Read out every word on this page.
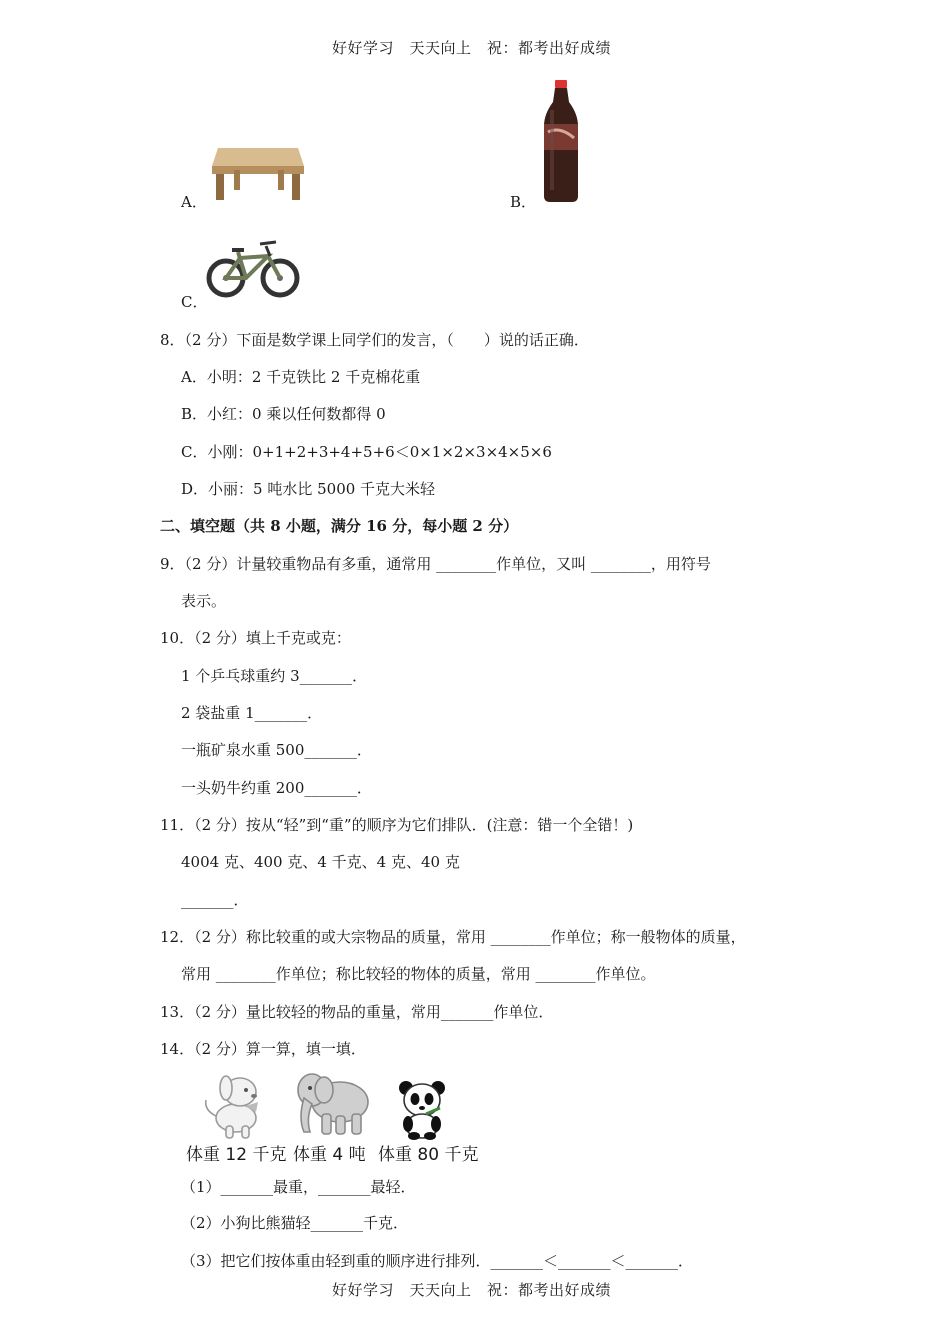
好好学习　天天向上　祝：都考出好成绩
A．	B．
C．
8．（2 分）下面是数学课上同学们的发言，（　　）说的话正确．
A．小明：2 千克铁比 2 千克棉花重
B．小红：0 乘以任何数都得 0
C．小刚：0+1+2+3+4+5+6＜0×1×2×3×4×5×6
D．小丽：5 吨水比 5000 千克大米轻
二、填空题（共 8 小题，满分 16 分，每小题 2 分）
9．（2 分）计量较重物品有多重，通常用 ________作单位，又叫 ________，用符号
表示。
10．（2 分）填上千克或克：
1 个乒乓球重约 3_______．
2 袋盐重 1_______．
一瓶矿泉水重 500_______．
一头奶牛约重 200_______．
11．（2 分）按从“轻”到“重”的顺序为它们排队．(注意：错一个全错！)
4004 克、400 克、4 千克、4 克、40 克
_______．
12．（2 分）称比较重的或大宗物品的质量，常用 ________作单位；称一般物体的质量，
常用 ________作单位；称比较轻的物体的质量，常用 ________作单位。
13．（2 分）量比较轻的物品的重量，常用_______作单位．
14．（2 分）算一算，填一填．
体重 12 千克 体重 4 吨 体重 80 千克
（1）_______最重，_______最轻．
（2）小狗比熊猫轻_______千克．
（3）把它们按体重由轻到重的顺序进行排列．_______＜_______＜_______．
好好学习　天天向上　祝：都考出好成绩
